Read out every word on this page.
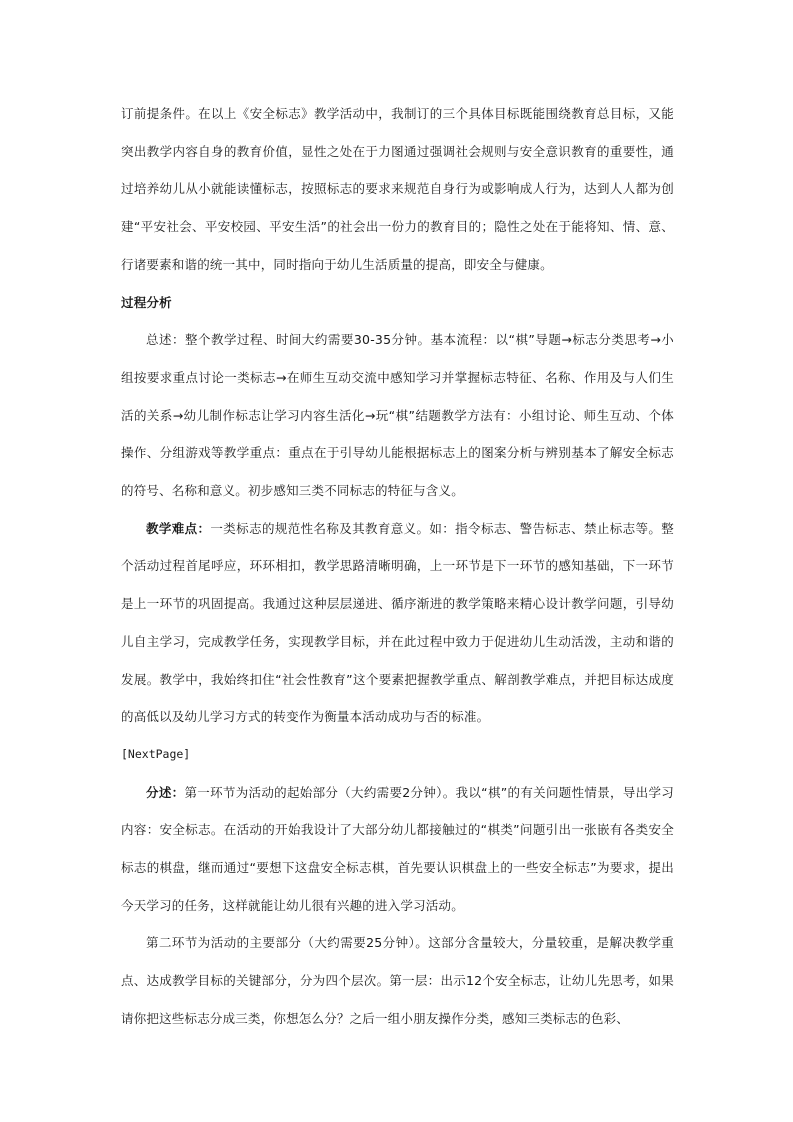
订前提条件。在以上《安全标志》教学活动中，我制订的三个具体目标既能围绕教育总目标，又能突出教学内容自身的教育价值，显性之处在于力图通过强调社会规则与安全意识教育的重要性，通过培养幼儿从小就能读懂标志，按照标志的要求来规范自身行为或影响成人行为，达到人人都为创建“平安社会、平安校园、平安生活”的社会出一份力的教育目的；隐性之处在于能将知、情、意、行诸要素和谐的统一其中，同时指向于幼儿生活质量的提高，即安全与健康。

过程分析

总述：整个教学过程、时间大约需要30-35分钟。基本流程：以“棋”导题→标志分类思考→小组按要求重点讨论一类标志→在师生互动交流中感知学习并掌握标志特征、名称、作用及与人们生活的关系→幼儿制作标志让学习内容生活化→玩“棋”结题教学方法有：小组讨论、师生互动、个体操作、分组游戏等教学重点：重点在于引导幼儿能根据标志上的图案分析与辨别基本了解安全标志的符号、名称和意义。初步感知三类不同标志的特征与含义。

教学难点：一类标志的规范性名称及其教育意义。如：指令标志、警告标志、禁止标志等。整个活动过程首尾呼应，环环相扣，教学思路清晰明确，上一环节是下一环节的感知基础，下一环节是上一环节的巩固提高。我通过这种层层递进、循序渐进的教学策略来精心设计教学问题，引导幼儿自主学习，完成教学任务，实现教学目标，并在此过程中致力于促进幼儿生动活泼，主动和谐的发展。教学中，我始终扣住“社会性教育”这个要素把握教学重点、解剖教学难点，并把目标达成度的高低以及幼儿学习方式的转变作为衡量本活动成功与否的标准。

[NextPage]

分述：第一环节为活动的起始部分（大约需要2分钟）。我以“棋”的有关问题性情景，导出学习内容：安全标志。在活动的开始我设计了大部分幼儿都接触过的“棋类”问题引出一张嵌有各类安全标志的棋盘，继而通过“要想下这盘安全标志棋，首先要认识棋盘上的一些安全标志”为要求，提出今天学习的任务，这样就能让幼儿很有兴趣的进入学习活动。

第二环节为活动的主要部分（大约需要25分钟）。这部分含量较大，分量较重，是解决教学重点、达成教学目标的关键部分，分为四个层次。第一层：出示12个安全标志，让幼儿先思考，如果请你把这些标志分成三类，你想怎么分？之后一组小朋友操作分类，感知三类标志的色彩、
